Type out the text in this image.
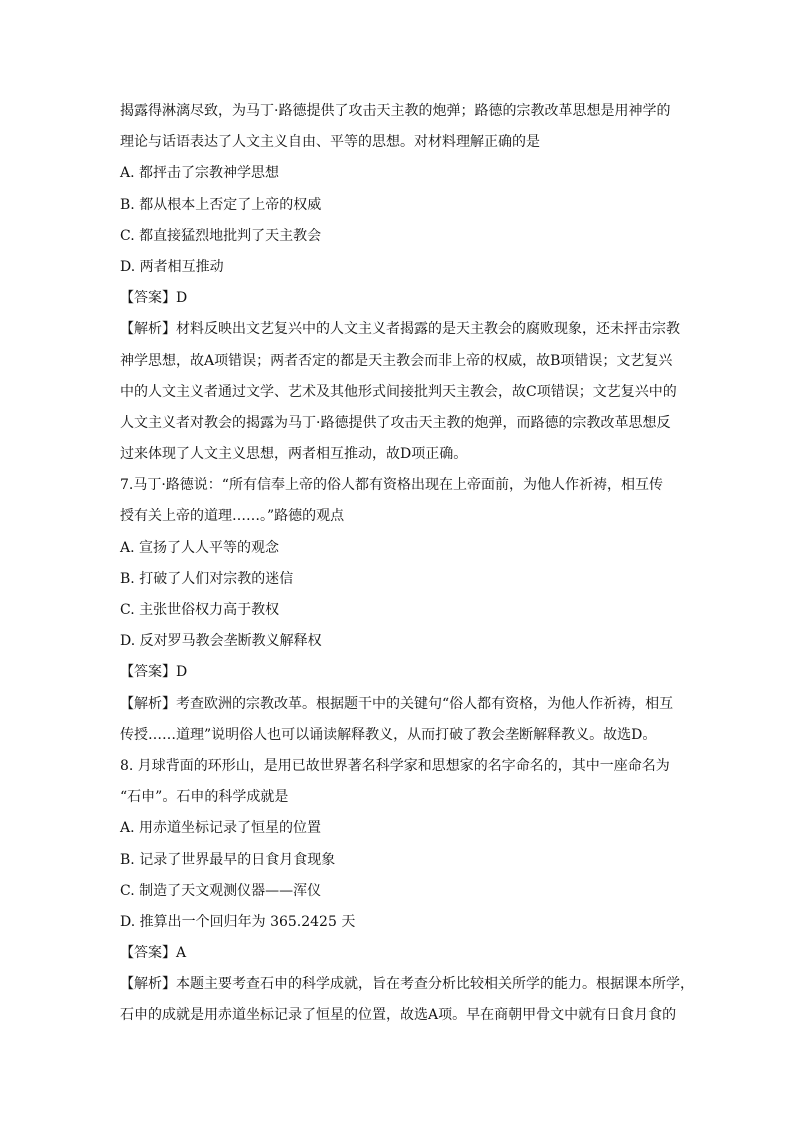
揭露得淋漓尽致，为马丁·路德提供了攻击天主教的炮弹；路德的宗教改革思想是用神学的
理论与话语表达了人文主义自由、平等的思想。对材料理解正确的是
A. 都抨击了宗教神学思想
B. 都从根本上否定了上帝的权威
C. 都直接猛烈地批判了天主教会
D. 两者相互推动
【答案】D
【解析】材料反映出文艺复兴中的人文主义者揭露的是天主教会的腐败现象，还未抨击宗教
神学思想，故A项错误；两者否定的都是天主教会而非上帝的权威，故B项错误；文艺复兴
中的人文主义者通过文学、艺术及其他形式间接批判天主教会，故C项错误；文艺复兴中的
人文主义者对教会的揭露为马丁·路德提供了攻击天主教的炮弹，而路德的宗教改革思想反
过来体现了人文主义思想，两者相互推动，故D项正确。
7.马丁·路德说：“所有信奉上帝的俗人都有资格出现在上帝面前，为他人作祈祷，相互传
授有关上帝的道理……。”路德的观点
A. 宣扬了人人平等的观念
B. 打破了人们对宗教的迷信
C. 主张世俗权力高于教权
D. 反对罗马教会垄断教义解释权
【答案】D
【解析】考查欧洲的宗教改革。根据题干中的关键句“俗人都有资格，为他人作祈祷，相互
传授……道理”说明俗人也可以诵读解释教义，从而打破了教会垄断解释教义。故选D。
8. 月球背面的环形山，是用已故世界著名科学家和思想家的名字命名的，其中一座命名为
“石申”。石申的科学成就是
A. 用赤道坐标记录了恒星的位置
B. 记录了世界最早的日食月食现象
C. 制造了天文观测仪器——浑仪
D. 推算出一个回归年为 365.2425 天
【答案】A
【解析】本题主要考查石申的科学成就，旨在考查分析比较相关所学的能力。根据课本所学，
石申的成就是用赤道坐标记录了恒星的位置，故选A项。早在商朝甲骨文中就有日食月食的
